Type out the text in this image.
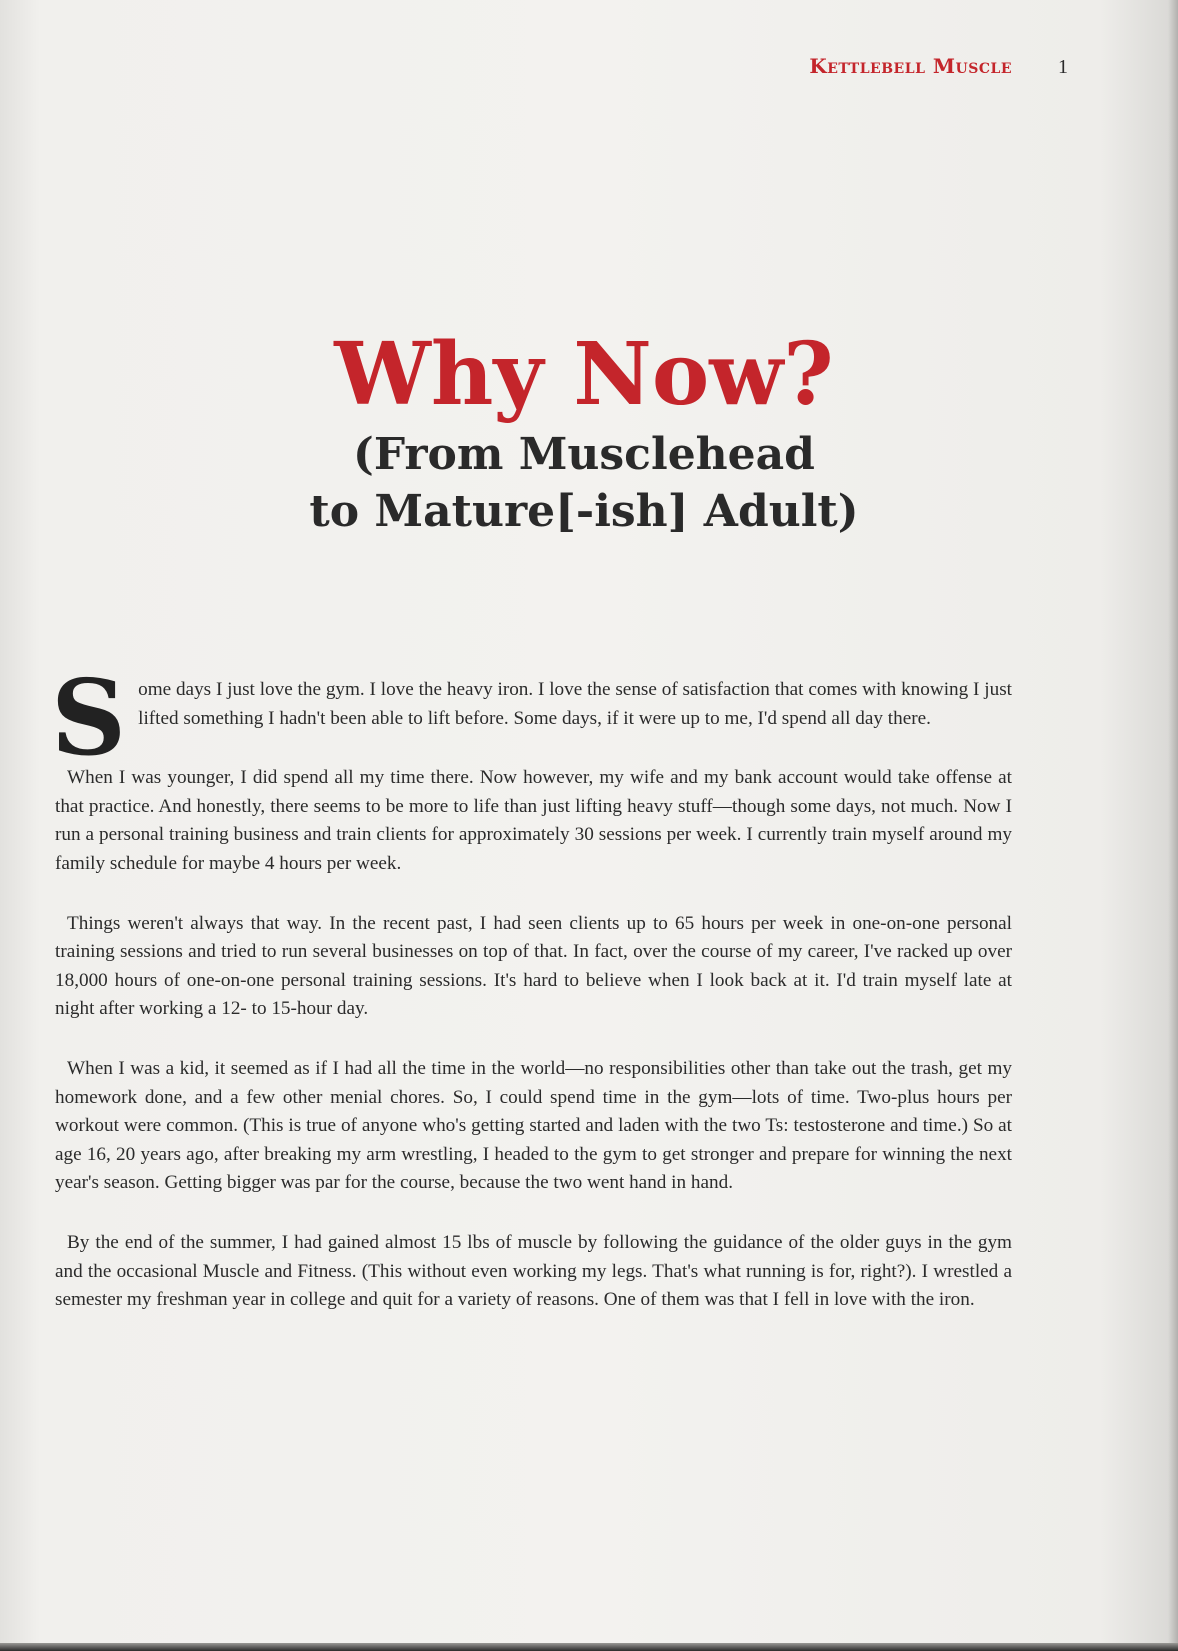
Kettlebell Muscle 1
Why Now?
(From Musclehead
to Mature[-ish] Adult)

S ome days I just love the gym. I love the heavy iron. I love the sense of satisfaction that comes with knowing I just lifted something I hadn't been able to lift before. Some days, if it were up to me, I'd spend all day there.

When I was younger, I did spend all my time there. Now however, my wife and my bank account would take offense at that practice. And honestly, there seems to be more to life than just lifting heavy stuff—though some days, not much. Now I run a personal training business and train clients for approximately 30 sessions per week. I currently train myself around my family schedule for maybe 4 hours per week.

Things weren't always that way. In the recent past, I had seen clients up to 65 hours per week in one-on-one personal training sessions and tried to run several businesses on top of that. In fact, over the course of my career, I've racked up over 18,000 hours of one-on-one personal training sessions. It's hard to believe when I look back at it. I'd train myself late at night after working a 12- to 15-hour day.

When I was a kid, it seemed as if I had all the time in the world—no responsibilities other than take out the trash, get my homework done, and a few other menial chores. So, I could spend time in the gym—lots of time. Two-plus hours per workout were common. (This is true of anyone who's getting started and laden with the two Ts: testosterone and time.) So at age 16, 20 years ago, after breaking my arm wrestling, I headed to the gym to get stronger and prepare for winning the next year's season. Getting bigger was par for the course, because the two went hand in hand.

By the end of the summer, I had gained almost 15 lbs of muscle by following the guidance of the older guys in the gym and the occasional Muscle and Fitness. (This without even working my legs. That's what running is for, right?). I wrestled a semester my freshman year in college and quit for a variety of reasons. One of them was that I fell in love with the iron.
